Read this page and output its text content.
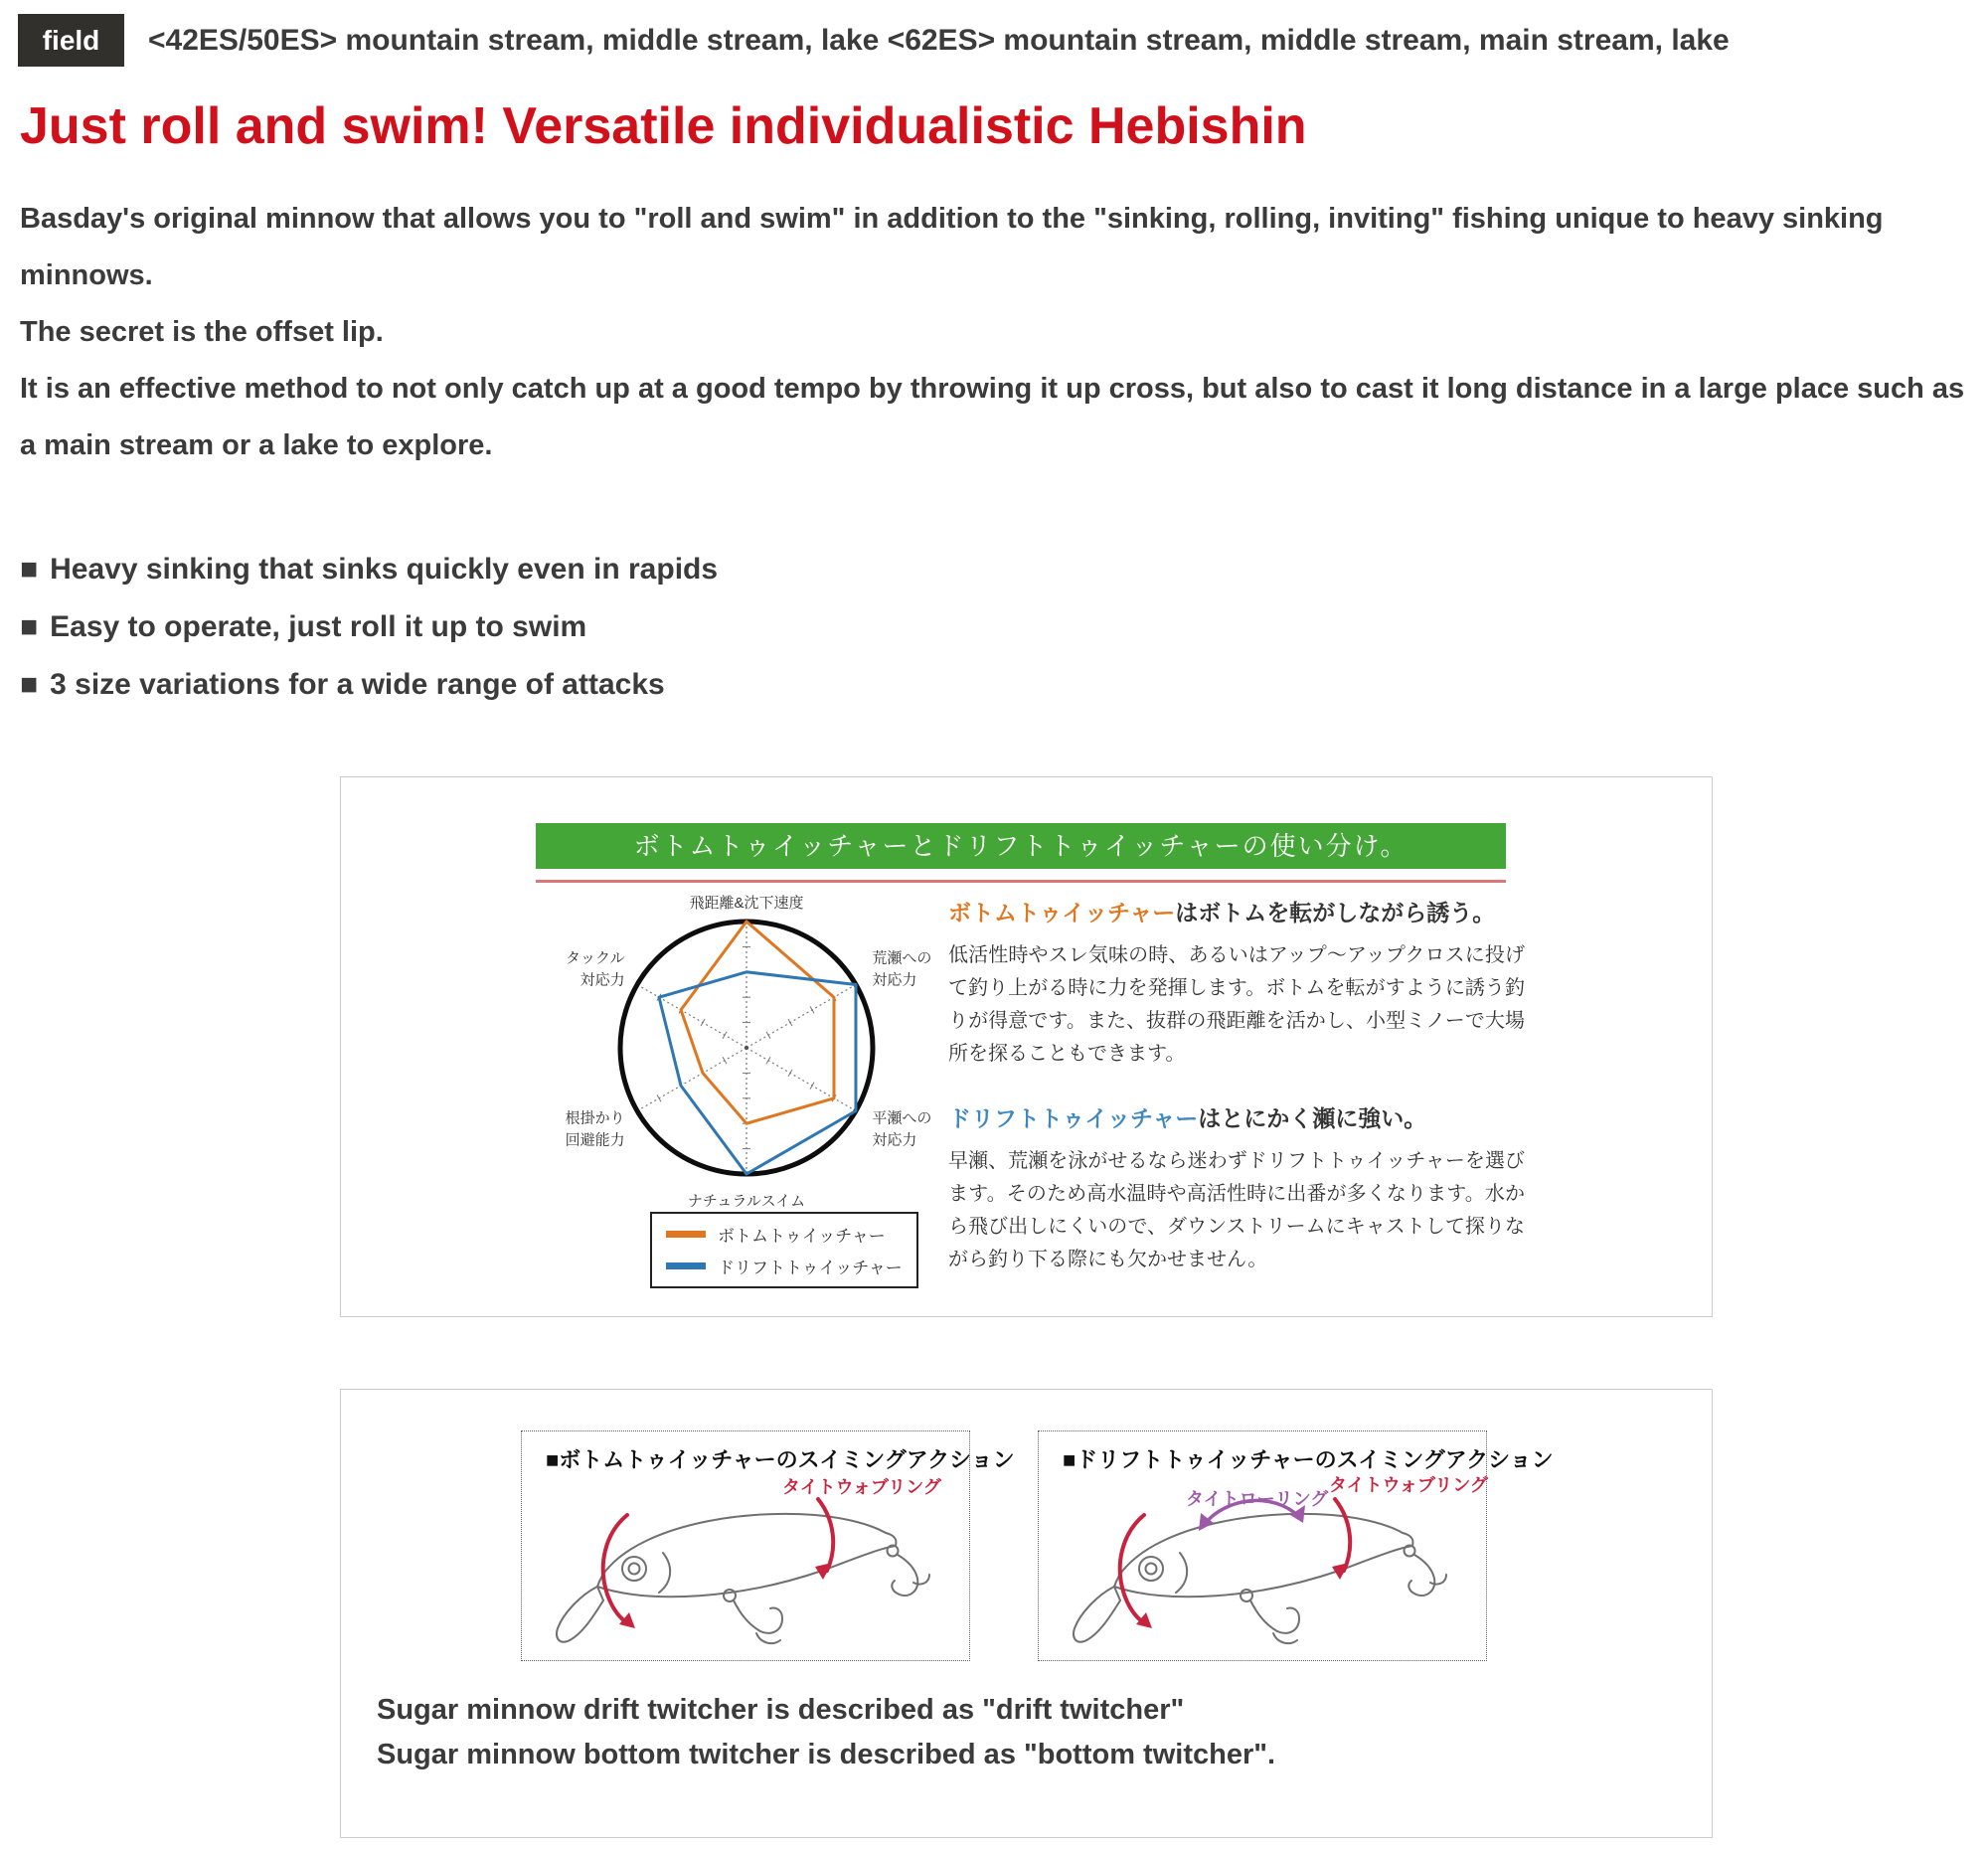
field	<42ES/50ES> mountain stream, middle stream, lake <62ES> mountain stream, middle stream, main stream, lake
Just roll and swim! Versatile individualistic Hebishin

Basday's original minnow that allows you to "roll and swim" in addition to the "sinking, rolling, inviting" fishing unique to heavy sinking minnows.

The secret is the offset lip.

It is an effective method to not only catch up at a good tempo by throwing it up cross, but also to cast it long distance in a large place such as a main stream or a lake to explore.

■ Heavy sinking that sinks quickly even in rapids
■ Easy to operate, just roll it up to swim
■ 3 size variations for a wide range of attacks
ボトムトゥイッチャーとドリフトトゥイッチャーの使い分け。
飛距離&沈下速度
荒瀬への
対応力
平瀬への
対応力
ナチュラルスイム
根掛かり
回避能力
タックル
対応力
ボトムトゥイッチャー
ドリフトトゥイッチャー

ボトムトゥイッチャーはボトムを転がしながら誘う。

低活性時やスレ気味の時、あるいはアップ～アップクロスに投げて釣り上がる時に力を発揮します。ボトムを転がすように誘う釣りが得意です。また、抜群の飛距離を活かし、小型ミノーで大場所を探ることもできます。

ドリフトトゥイッチャーはとにかく瀬に強い。

早瀬、荒瀬を泳がせるなら迷わずドリフトトゥイッチャーを選びます。そのため高水温時や高活性時に出番が多くなります。水から飛び出しにくいので、ダウンストリームにキャストして探りながら釣り下る際にも欠かせません。

■ボトムトゥイッチャーのスイミングアクション

タイトウォブリング

■ドリフトトゥイッチャーのスイミングアクション

タイトローリング
タイトウォブリング

Sugar minnow drift twitcher is described as "drift twitcher"

Sugar minnow bottom twitcher is described as "bottom twitcher".
